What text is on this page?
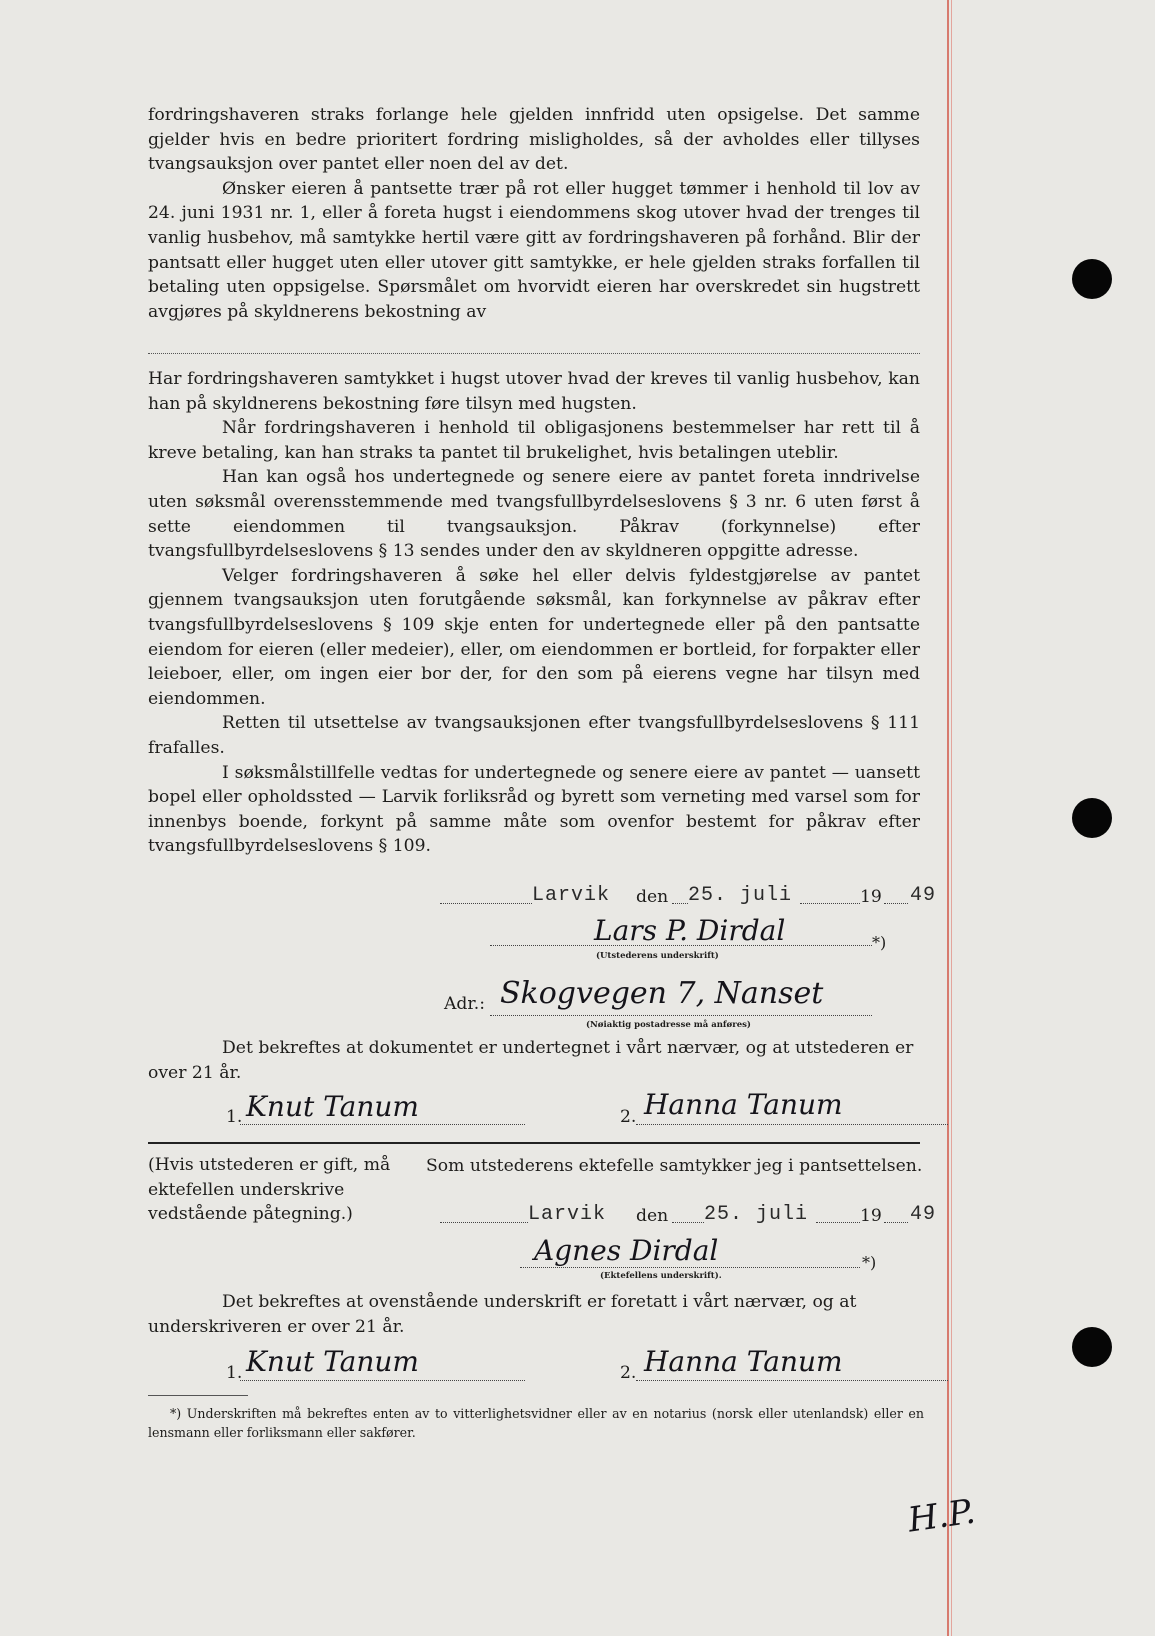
fordringshaveren straks forlange hele gjelden innfridd uten opsigelse. Det samme gjelder hvis en bedre prioritert fordring misligholdes, så der avholdes eller tillyses tvangsauksjon over pantet eller noen del av det.

Ønsker eieren å pantsette trær på rot eller hugget tømmer i henhold til lov av 24. juni 1931 nr. 1, eller å foreta hugst i eiendommens skog utover hvad der trenges til vanlig husbehov, må samtykke hertil være gitt av fordringshaveren på forhånd. Blir der pantsatt eller hugget uten eller utover gitt samtykke, er hele gjelden straks forfallen til betaling uten oppsigelse. Spørsmålet om hvorvidt eieren har overskredet sin hugstrett avgjøres på skyldnerens bekostning av

Har fordringshaveren samtykket i hugst utover hvad der kreves til vanlig husbehov, kan han på skyldnerens bekostning føre tilsyn med hugsten.

Når fordringshaveren i henhold til obligasjonens bestemmelser har rett til å kreve betaling, kan han straks ta pantet til brukelighet, hvis betalingen uteblir.

Han kan også hos undertegnede og senere eiere av pantet foreta inndrivelse uten søksmål overensstemmende med tvangsfullbyrdelseslovens § 3 nr. 6 uten først å sette eiendommen til tvangsauksjon. Påkrav (forkynnelse) efter tvangsfullbyrdelseslovens § 13 sendes under den av skyldneren oppgitte adresse.

Velger fordringshaveren å søke hel eller delvis fyldestgjørelse av pantet gjennem tvangsauksjon uten forutgående søksmål, kan forkynnelse av påkrav efter tvangsfullbyrdelseslovens § 109 skje enten for undertegnede eller på den pantsatte eiendom for eieren (eller medeier), eller, om eiendommen er bortleid, for forpakter eller leieboer, eller, om ingen eier bor der, for den som på eierens vegne har tilsyn med eiendommen.

Retten til utsettelse av tvangsauksjonen efter tvangsfullbyrdelseslovens § 111 frafalles.

I søksmålstillfelle vedtas for undertegnede og senere eiere av pantet — uansett bopel eller opholdssted — Larvik forliksråd og byrett som verneting med varsel som for innenbys boende, forkynt på samme måte som ovenfor bestemt for påkrav efter tvangsfullbyrdelseslovens § 109.

Larvik den 25. juli	19 49
Lars P. Dirdal	*)
(Utstederens underskrift)
Adr.: Skogvegen 7, Nanset
(Nøiaktig postadresse må anføres)
Det bekreftes at dokumentet er undertegnet i vårt nærvær, og at utstederen er over 21 år.
1. Knut Tanum	2. Hanna Tanum
(Hvis utstederen er gift, må ektefellen underskrive vedstående påtegning.)
Som utstederens ektefelle samtykker jeg i pantsettelsen.
Larvik den 25. juli	19 49
Agnes Dirdal	*)
(Ektefellens underskrift).
Det bekreftes at ovenstående underskrift er foretatt i vårt nærvær, og at underskriveren er over 21 år.
1. Knut Tanum	2. Hanna Tanum
*) Underskriften må bekreftes enten av to vitterlighetsvidner eller av en notarius (norsk eller utenlandsk) eller en lensmann eller forliksmann eller sakfører.
H.P.
